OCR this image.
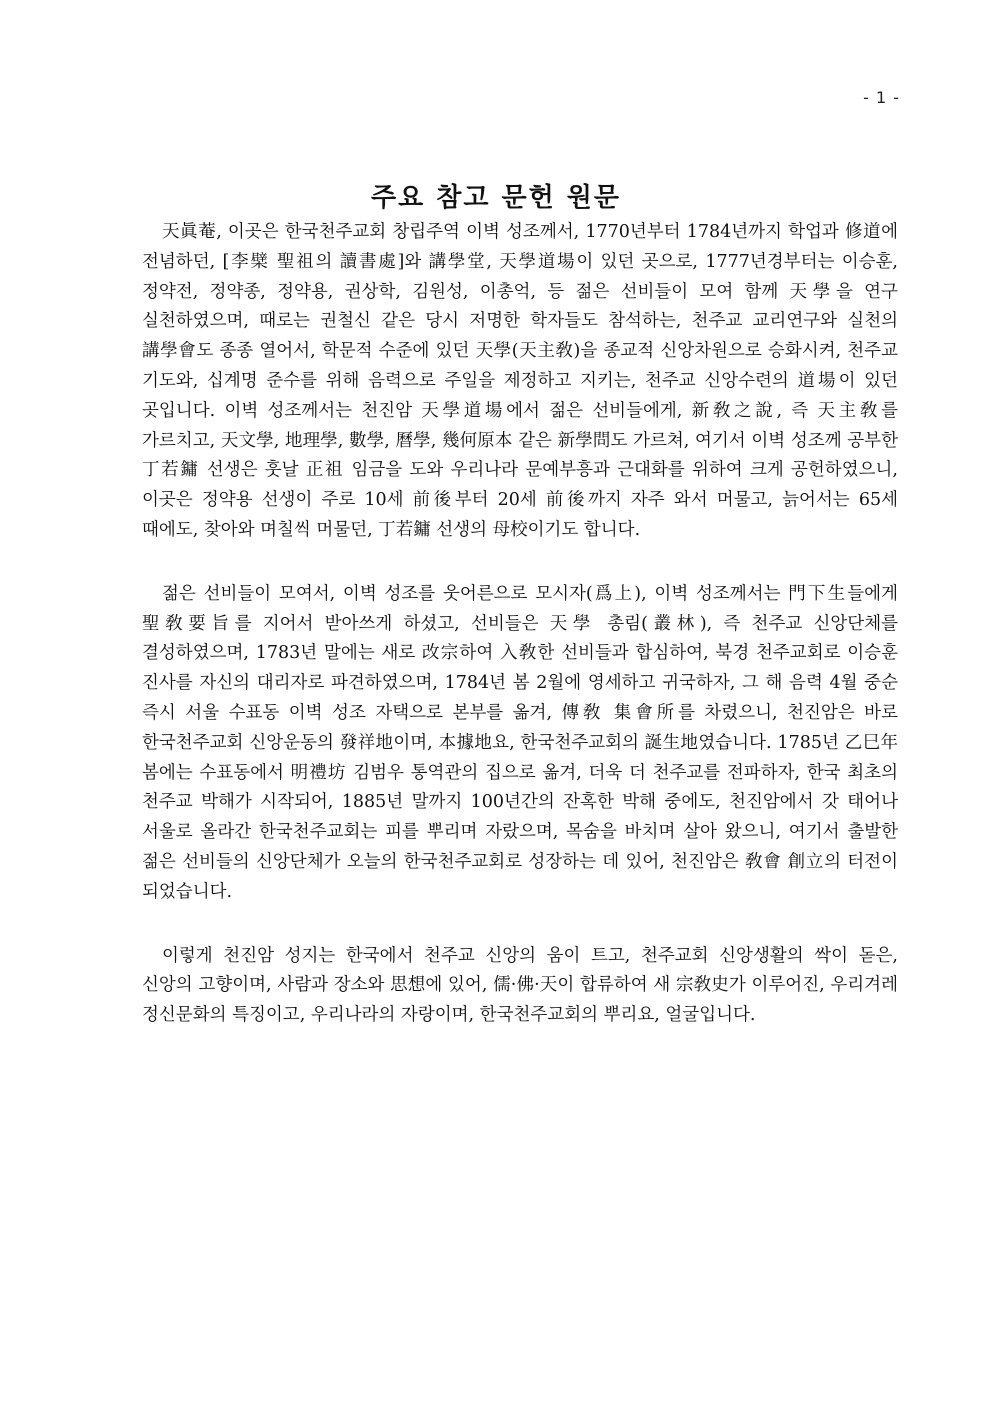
- 1 -
주요 참고 문헌 원문

天眞菴, 이곳은 한국천주교회 창립주역 이벽 성조께서, 1770년부터 1784년까지 학업과 修道에 전념하던, [李檗 聖祖의 讀書處]와 講學堂, 天學道場이 있던 곳으로, 1777년경부터는 이승훈, 정약전, 정약종, 정약용, 권상학, 김원성, 이총억, 등 젊은 선비들이 모여 함께 天學을 연구 실천하였으며, 때로는 권철신 같은 당시 저명한 학자들도 참석하는, 천주교 교리연구와 실천의 講學會도 종종 열어서, 학문적 수준에 있던 天學(天主敎)을 종교적 신앙차원으로 승화시켜, 천주교 기도와, 십계명 준수를 위해 음력으로 주일을 제정하고 지키는, 천주교 신앙수련의 道場이 있던 곳입니다. 이벽 성조께서는 천진암 天學道場에서 젊은 선비들에게, 新敎之說, 즉 天主敎를 가르치고, 天文學, 地理學, 數學, 曆學, 幾何原本 같은 新學問도 가르쳐, 여기서 이벽 성조께 공부한 丁若鏞 선생은 훗날 正祖 임금을 도와 우리나라 문예부흥과 근대화를 위하여 크게 공헌하였으니, 이곳은 정약용 선생이 주로 10세 前後부터 20세 前後까지 자주 와서 머물고, 늙어서는 65세 때에도, 찾아와 며칠씩 머물던, 丁若鏞 선생의 母校이기도 합니다.

젊은 선비들이 모여서, 이벽 성조를 웃어른으로 모시자(爲上), 이벽 성조께서는 門下生들에게 聖敎要旨를 지어서 받아쓰게 하셨고, 선비들은 天學 총림(叢林), 즉 천주교 신앙단체를 결성하였으며, 1783년 말에는 새로 改宗하여 入敎한 선비들과 합심하여, 북경 천주교회로 이승훈 진사를 자신의 대리자로 파견하였으며, 1784년 봄 2월에 영세하고 귀국하자, 그 해 음력 4월 중순 즉시 서울 수표동 이벽 성조 자택으로 본부를 옮겨, 傳敎 集會所를 차렸으니, 천진암은 바로 한국천주교회 신앙운동의 發祥地이며, 本據地요, 한국천주교회의 誕生地였습니다. 1785년 乙巳年 봄에는 수표동에서 明禮坊 김범우 통역관의 집으로 옮겨, 더욱 더 천주교를 전파하자, 한국 최초의 천주교 박해가 시작되어, 1885년 말까지 100년간의 잔혹한 박해 중에도, 천진암에서 갓 태어나 서울로 올라간 한국천주교회는 피를 뿌리며 자랐으며, 목숨을 바치며 살아 왔으니, 여기서 출발한 젊은 선비들의 신앙단체가 오늘의 한국천주교회로 성장하는 데 있어, 천진암은 敎會 創立의 터전이 되었습니다.

이렇게 천진암 성지는 한국에서 천주교 신앙의 움이 트고, 천주교회 신앙생활의 싹이 돋은, 신앙의 고향이며, 사람과 장소와 思想에 있어, 儒·佛·天이 합류하여 새 宗敎史가 이루어진, 우리겨레 정신문화의 특징이고, 우리나라의 자랑이며, 한국천주교회의 뿌리요, 얼굴입니다.
